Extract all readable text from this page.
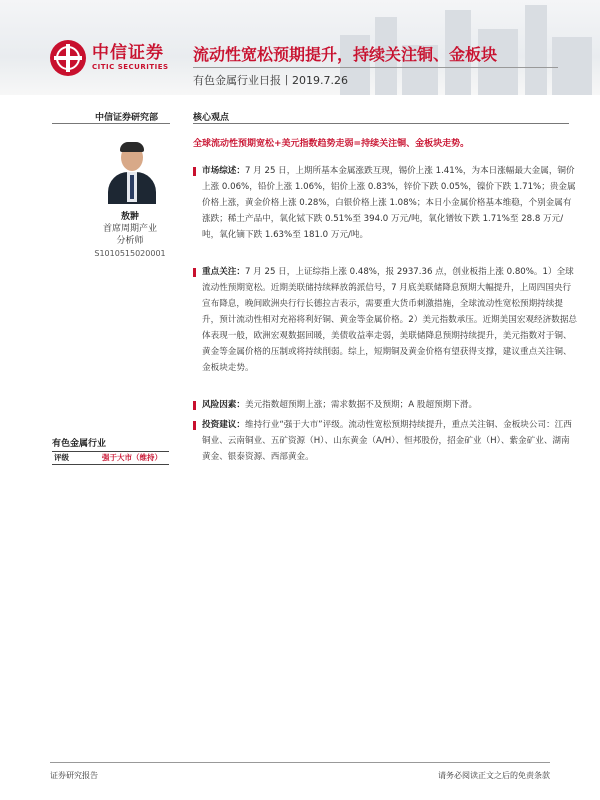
中信证券
CITIC SECURITIES
流动性宽松预期提升，持续关注铜、金板块
有色金属行业日报丨2019.7.26
中信证券研究部	核心观点
敖翀
首席周期产业
分析师
S1010515020001
全球流动性预期宽松+美元指数趋势走弱=持续关注铜、金板块走势。
市场综述：7 月 25 日，上期所基本金属涨跌互现，锡价上涨 1.41%，为本日涨幅最大金属，铜价上涨 0.06%，铅价上涨 1.06%，铝价上涨 0.83%，锌价下跌 0.05%，镍价下跌 1.71%；贵金属价格上涨，黄金价格上涨 0.28%，白银价格上涨 1.08%；本日小金属价格基本维稳，个别金属有涨跌；稀土产品中，氧化铽下跌 0.51%至 394.0 万元/吨，氧化镨钕下跌 1.71%至 28.8 万元/吨，氧化镝下跌 1.63%至 181.0 万元/吨。
重点关注：7 月 25 日，上证综指上涨 0.48%，报 2937.36 点，创业板指上涨 0.80%。1）全球流动性预期宽松。近期美联储持续释放鸽派信号，7 月底美联储降息预期大幅提升，上周四国央行宣布降息，晚间欧洲央行行长德拉吉表示，需要重大货币刺激措施，全球流动性宽松预期持续提升，预计流动性相对充裕将利好铜、黄金等金属价格。2）美元指数承压。近期美国宏观经济数据总体表现一般，欧洲宏观数据回暖，美债收益率走弱，美联储降息预期持续提升，美元指数对于铜、黄金等金属价格的压制或将持续削弱。综上，短期铜及黄金价格有望获得支撑，建议重点关注铜、金板块走势。
风险因素：美元指数超预期上涨；需求数据不及预期；A 股超预期下滑。
投资建议：维持行业“强于大市”评级。流动性宽松预期持续提升，重点关注铜、金板块公司：江西铜业、云南铜业、五矿资源（H）、山东黄金（A/H）、恒邦股份，招金矿业（H）、紫金矿业、湖南黄金、银泰资源、西部黄金。
有色金属行业
评级	强于大市（维持）
证券研究报告	请务必阅读正文之后的免责条款
